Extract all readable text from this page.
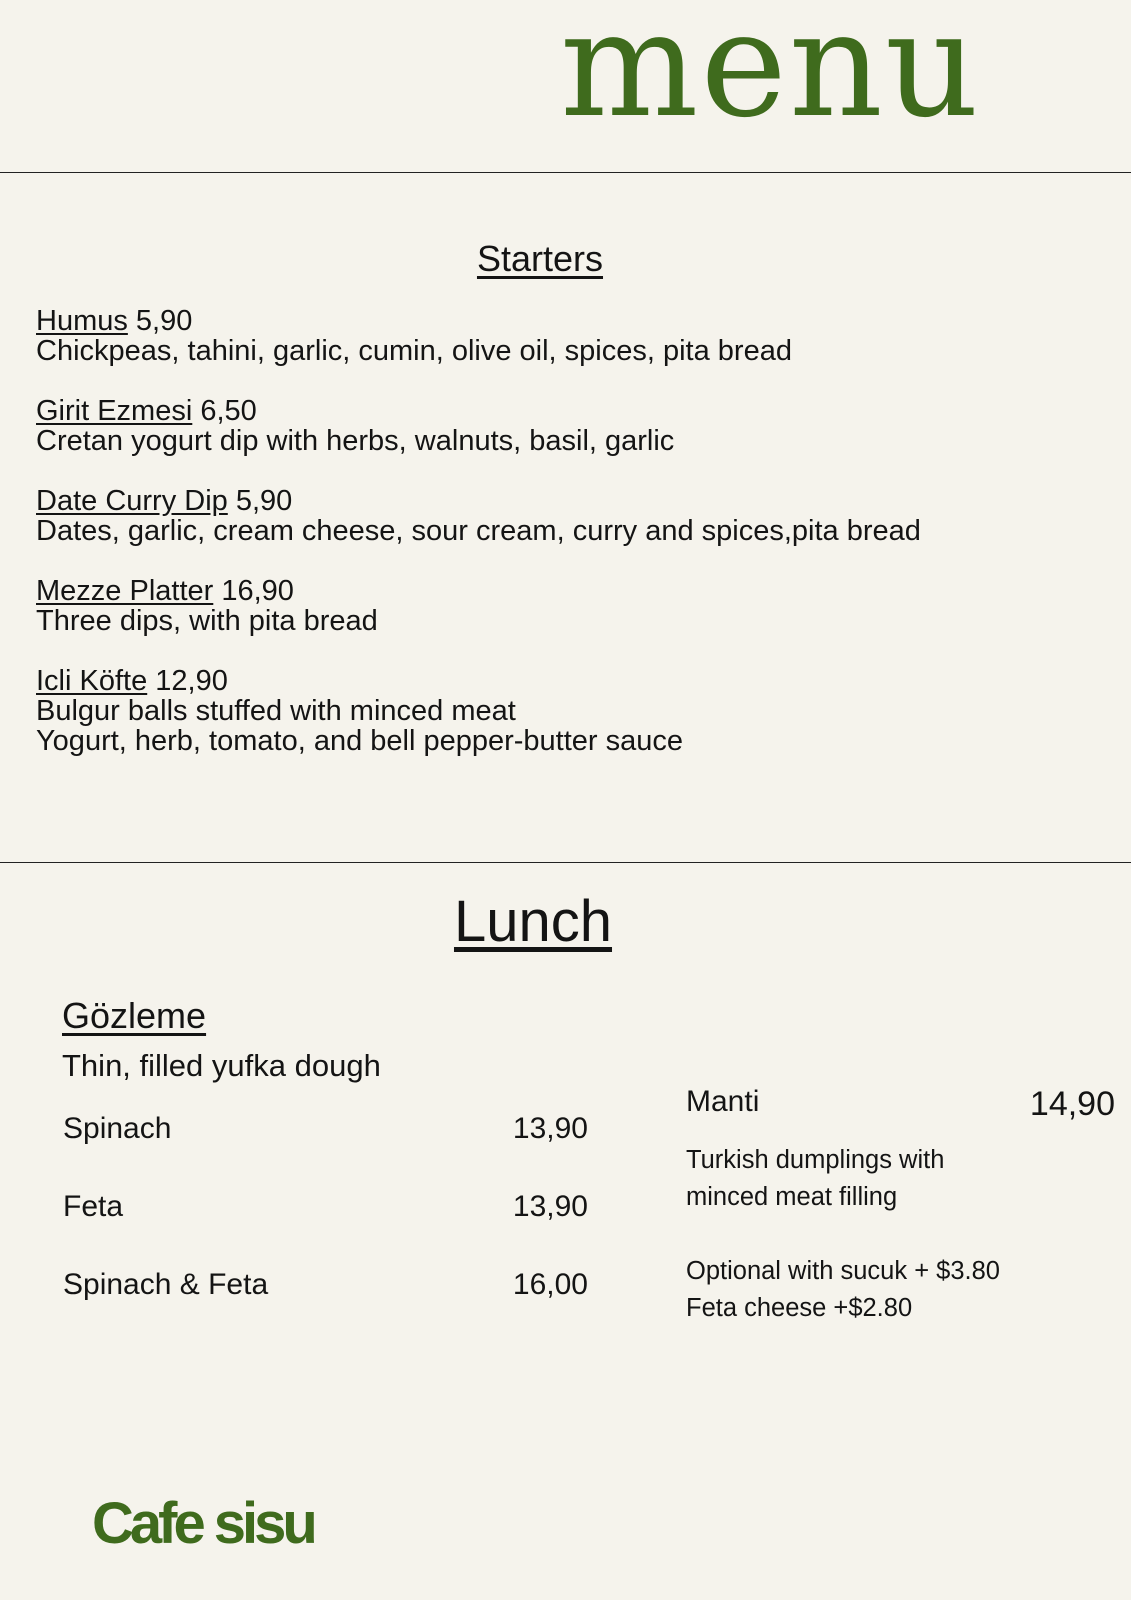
menu
Starters
Humus 5,90
Chickpeas, tahini, garlic, cumin, olive oil, spices, pita bread
Girit Ezmesi 6,50
Cretan yogurt dip with herbs, walnuts, basil, garlic
Date Curry Dip 5,90
Dates, garlic, cream cheese, sour cream, curry and spices,pita bread
Mezze Platter 16,90
Three dips, with pita bread
Icli Köfte 12,90
Bulgur balls stuffed with minced meat
Yogurt, herb, tomato, and bell pepper-butter sauce
Lunch
Gözleme
Thin, filled yufka dough
Spinach	13,90
Feta	13,90
Spinach & Feta	16,00
Manti	14,90
Turkish dumplings with
minced meat filling
Optional with sucuk + $3.80
Feta cheese +$2.80
Cafe sisu
